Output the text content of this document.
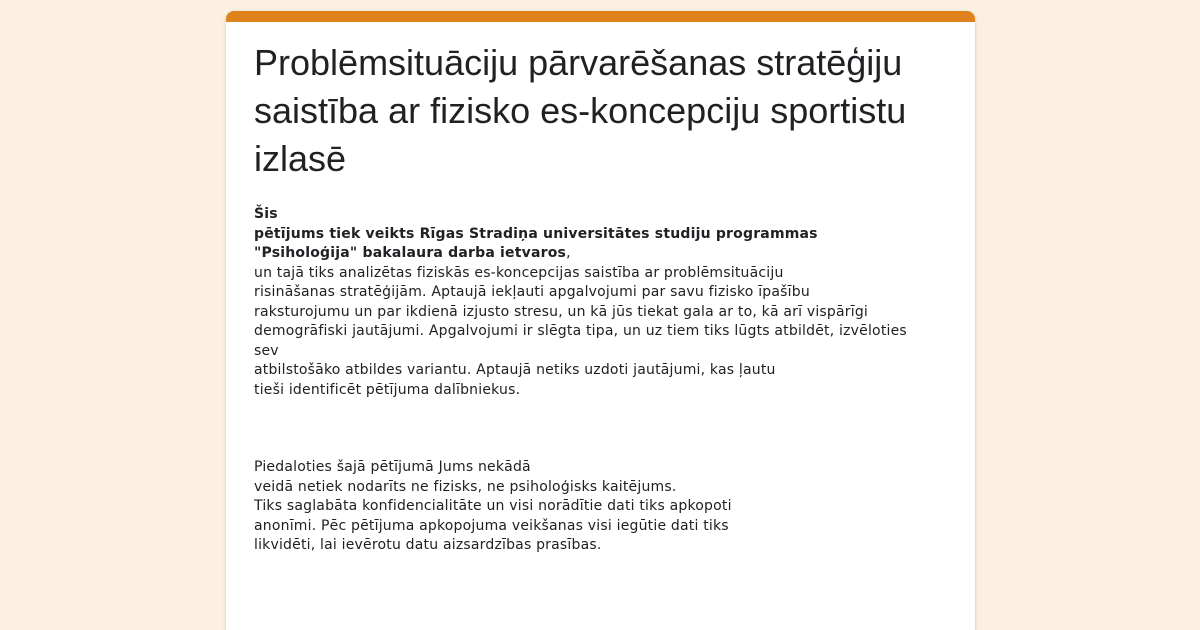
Problēmsituāciju pārvarēšanas stratēģiju
saistība ar fizisko es-koncepciju sportistu
izlasē
Šis
pētījums tiek veikts Rīgas Stradiņa universitātes studiju programmas
"Psiholoģija" bakalaura darba ietvaros,
un tajā tiks analizētas fiziskās es-koncepcijas saistība ar problēmsituāciju
risināšanas stratēģijām. Aptaujā iekļauti apgalvojumi par savu fizisko īpašību
raksturojumu un par ikdienā izjusto stresu, un kā jūs tiekat gala ar to, kā arī vispārīgi
demogrāfiski jautājumi. Apgalvojumi ir slēgta tipa, un uz tiem tiks lūgts atbildēt, izvēloties
sev
atbilstošāko atbildes variantu. Aptaujā netiks uzdoti jautājumi, kas ļautu
tieši identificēt pētījuma dalībniekus.
Piedaloties šajā pētījumā Jums nekādā
veidā netiek nodarīts ne fizisks, ne psiholoģisks kaitējums.
Tiks saglabāta konfidencialitāte un visi norādītie dati tiks apkopoti
anonīmi. Pēc pētījuma apkopojuma veikšanas visi iegūtie dati tiks
likvidēti, lai ievērotu datu aizsardzības prasības.
